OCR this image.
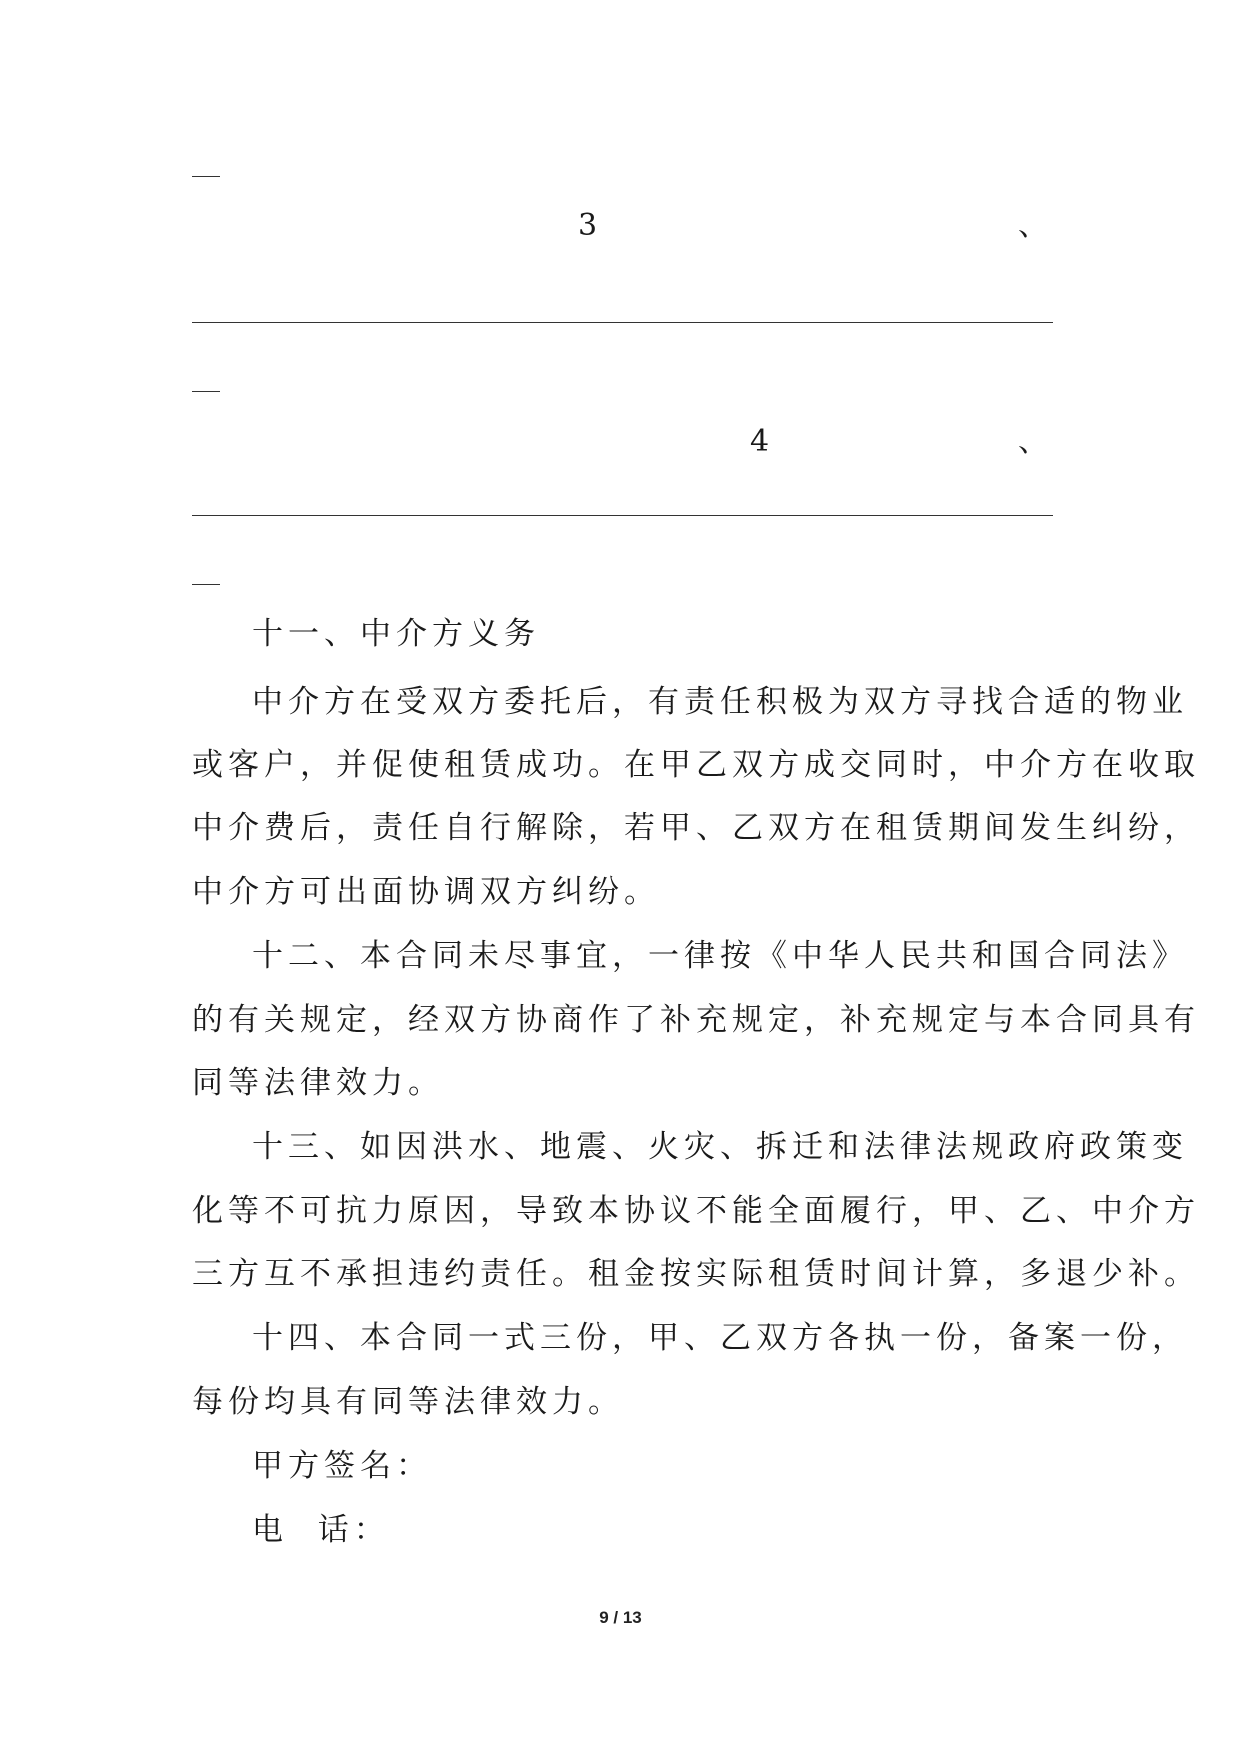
3	、
4	、
十一、中介方义务
中介方在受双方委托后，有责任积极为双方寻找合适的物业
或客户，并促使租赁成功。在甲乙双方成交同时，中介方在收取
中介费后，责任自行解除，若甲、乙双方在租赁期间发生纠纷，
中介方可出面协调双方纠纷。
十二、本合同未尽事宜，一律按《中华人民共和国合同法》
的有关规定，经双方协商作了补充规定，补充规定与本合同具有
同等法律效力。
十三、如因洪水、地震、火灾、拆迁和法律法规政府政策变
化等不可抗力原因，导致本协议不能全面履行，甲、乙、中介方
三方互不承担违约责任。租金按实际租赁时间计算，多退少补。
十四、本合同一式三份，甲、乙双方各执一份，备案一份，
每份均具有同等法律效力。
甲方签名：
电  话：
9 / 13
